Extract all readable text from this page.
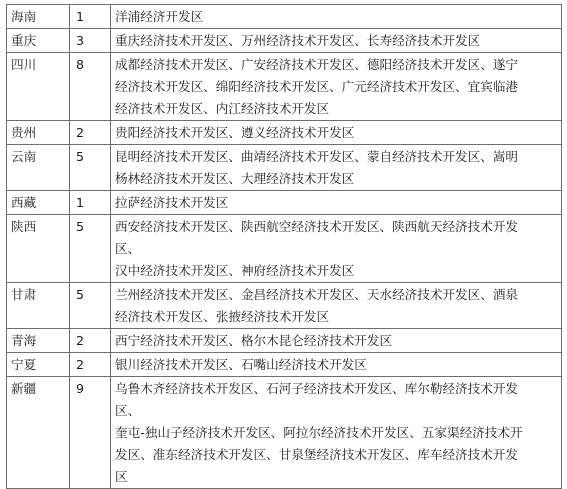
海南	1	洋浦经济开发区

重庆	3	重庆经济技术开发区、万州经济技术开发区、长寿经济技术开发区

四川	8	成都经济技术开发区、广安经济技术开发区、德阳经济技术开发区、遂宁
经济技术开发区、绵阳经济技术开发区、广元经济技术开发区、宜宾临港
经济技术开发区、内江经济技术开发区

贵州	2	贵阳经济技术开发区、遵义经济技术开发区

云南	5	昆明经济技术开发区、曲靖经济技术开发区、蒙自经济技术开发区、嵩明
杨林经济技术开发区、大理经济技术开发区

西藏	1	拉萨经济技术开发区

陕西	5	西安经济技术开发区、陕西航空经济技术开发区、陕西航天经济技术开发
区、
汉中经济技术开发区、神府经济技术开发区

甘肃	5	兰州经济技术开发区、金昌经济技术开发区、天水经济技术开发区、酒泉
经济技术开发区、张掖经济技术开发区

青海	2	西宁经济技术开发区、格尔木昆仑经济技术开发区

宁夏	2	银川经济技术开发区、石嘴山经济技术开发区

新疆	9	乌鲁木齐经济技术开发区、石河子经济技术开发区、库尔勒经济技术开发
区、
奎屯-独山子经济技术开发区、阿拉尔经济技术开发区、五家渠经济技术开
发区、准东经济技术开发区、甘泉堡经济技术开发区、库车经济技术开发
区
